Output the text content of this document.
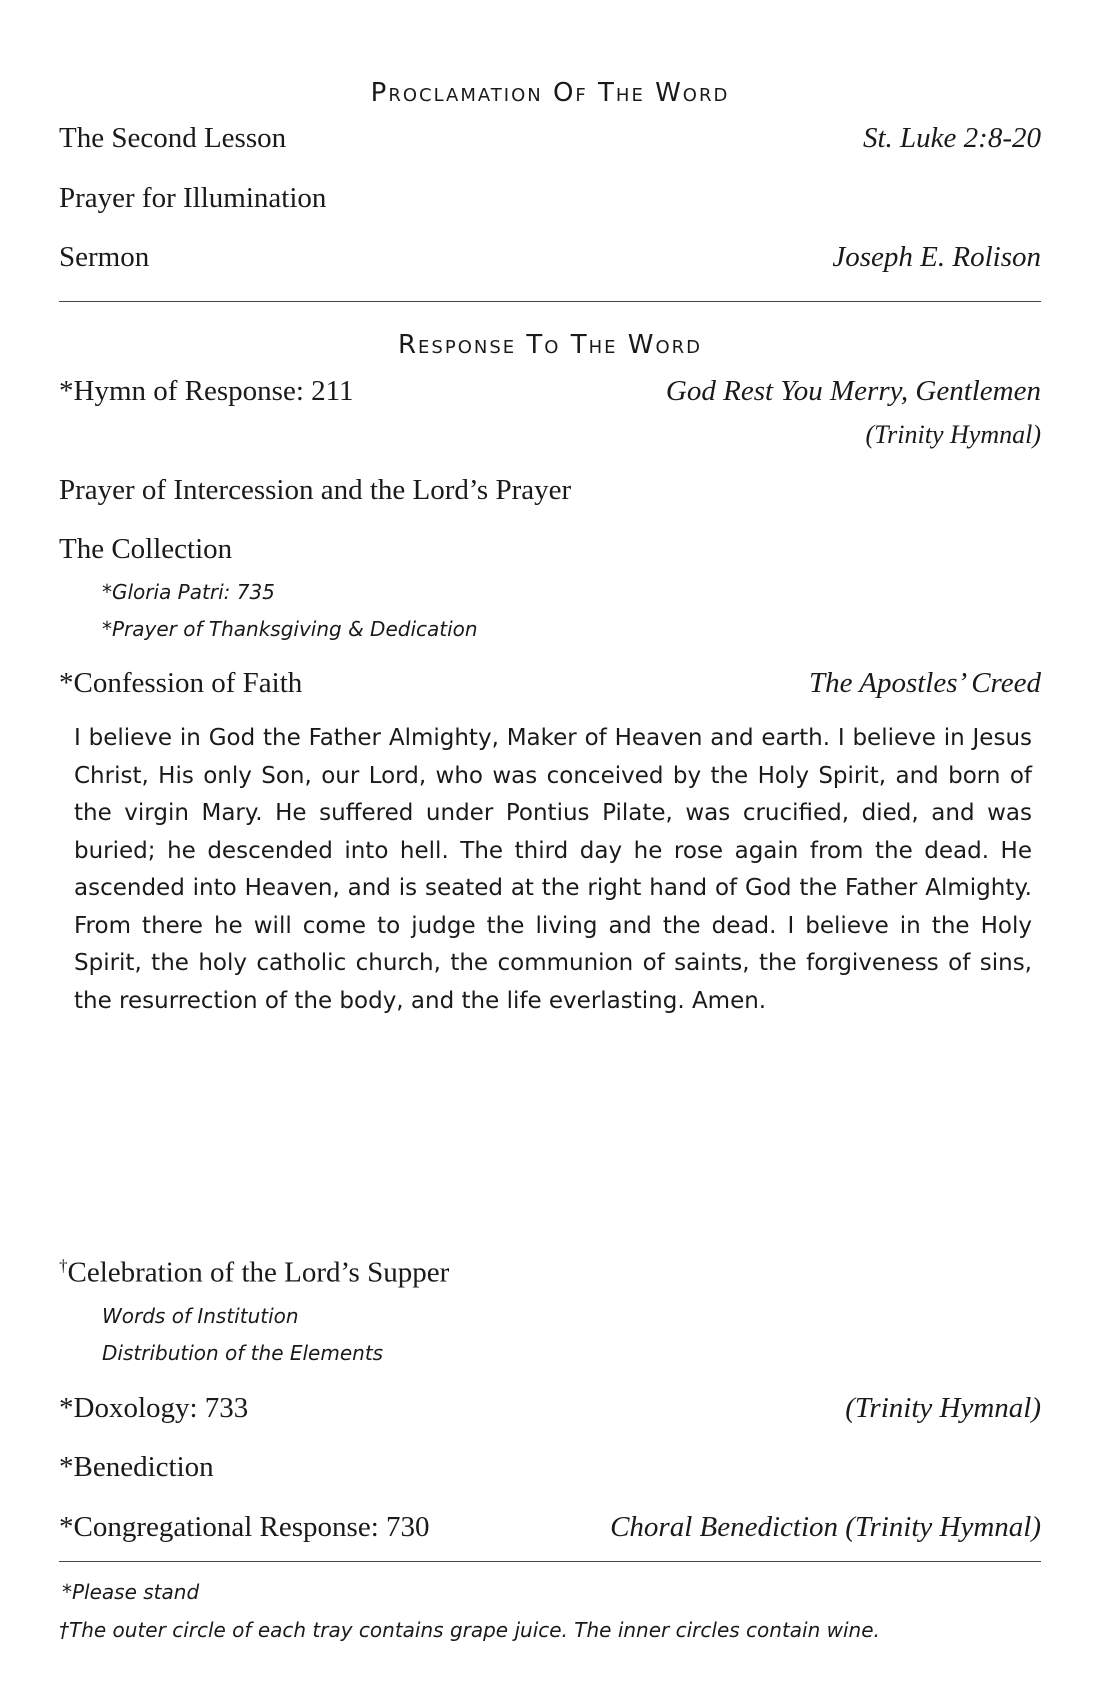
Proclamation Of The Word
The Second Lesson	St. Luke 2:8-20
Prayer for Illumination
Sermon	Joseph E. Rolison
Response To The Word
*Hymn of Response: 211	God Rest You Merry, Gentlemen
(Trinity Hymnal)
Prayer of Intercession and the Lord’s Prayer
The Collection
*Gloria Patri: 735
*Prayer of Thanksgiving & Dedication
*Confession of Faith	The Apostles’ Creed
I believe in God the Father Almighty, Maker of Heaven and earth. I believe in Jesus Christ, His only Son, our Lord, who was conceived by the Holy Spirit, and born of the virgin Mary. He suffered under Pontius Pilate, was crucified, died, and was buried; he descended into hell. The third day he rose again from the dead. He ascended into Heaven, and is seated at the right hand of God the Father Almighty. From there he will come to judge the living and the dead. I believe in the Holy Spirit, the holy catholic church, the communion of saints, the forgiveness of sins, the resurrection of the body, and the life everlasting. Amen.
†Celebration of the Lord’s Supper
Words of Institution
Distribution of the Elements
*Doxology: 733	(Trinity Hymnal)
*Benediction
*Congregational Response: 730	Choral Benediction (Trinity Hymnal)
*Please stand
†The outer circle of each tray contains grape juice. The inner circles contain wine.
